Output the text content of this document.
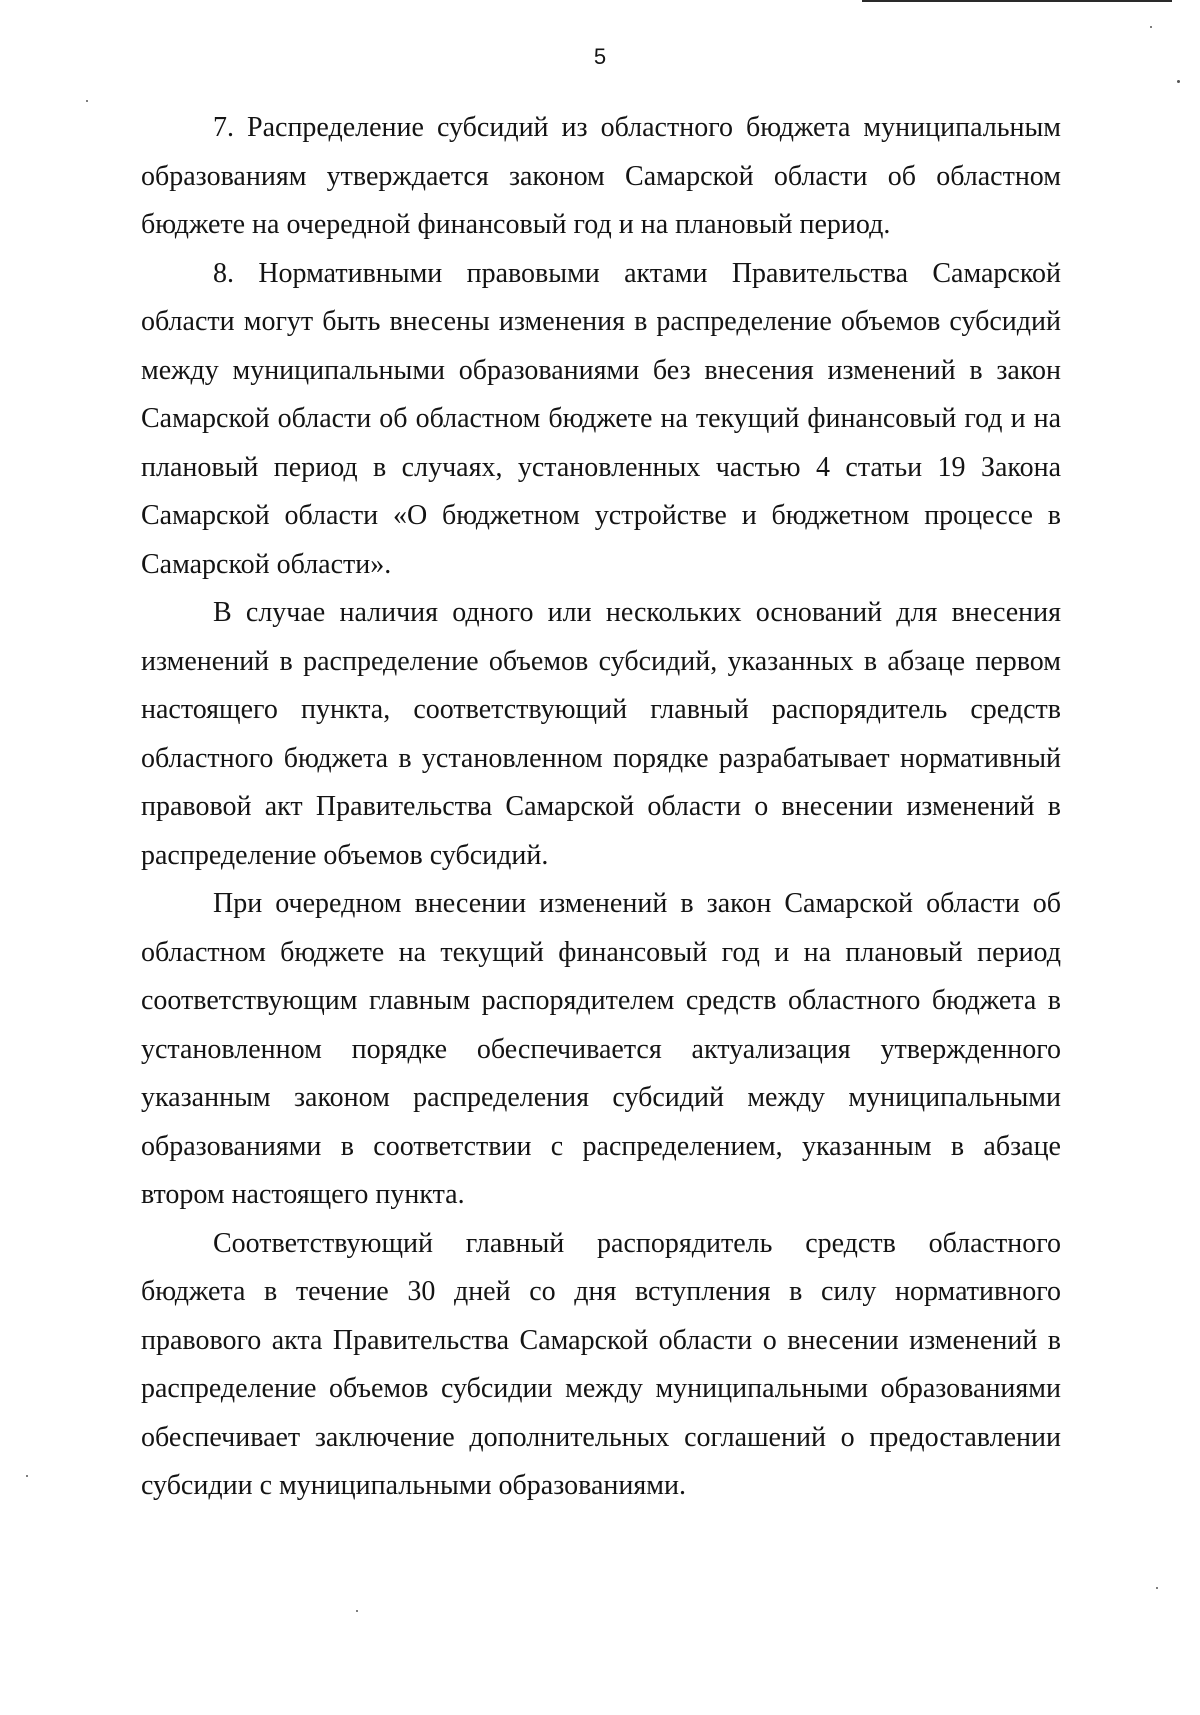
5

7. Распределение субсидий из областного бюджета муниципальным образованиям утверждается законом Самарской области об областном бюджете на очередной финансовый год и на плановый период.

8. Нормативными правовыми актами Правительства Самарской области могут быть внесены изменения в распределение объемов субсидий между муниципальными образованиями без внесения изменений в закон Самарской области об областном бюджете на текущий финансовый год и на плановый период в случаях, установленных частью 4 статьи 19 Закона Самарской области «О бюджетном устройстве и бюджетном процессе в Самарской области».

В случае наличия одного или нескольких оснований для внесения изменений в распределение объемов субсидий, указанных в абзаце первом настоящего пункта, соответствующий главный распорядитель средств областного бюджета в установленном порядке разрабатывает нормативный правовой акт Правительства Самарской области о внесении изменений в распределение объемов субсидий.

При очередном внесении изменений в закон Самарской области об областном бюджете на текущий финансовый год и на плановый период соответствующим главным распорядителем средств областного бюджета в установленном порядке обеспечивается актуализация утвержденного указанным законом распределения субсидий между муниципальными образованиями в соответствии с распределением, указанным в абзаце втором настоящего пункта.

Соответствующий главный распорядитель средств областного бюджета в течение 30 дней со дня вступления в силу нормативного правового акта Правительства Самарской области о внесении изменений в распределение объемов субсидии между муниципальными образованиями обеспечивает заключение дополнительных соглашений о предоставлении субсидии с муниципальными образованиями.
